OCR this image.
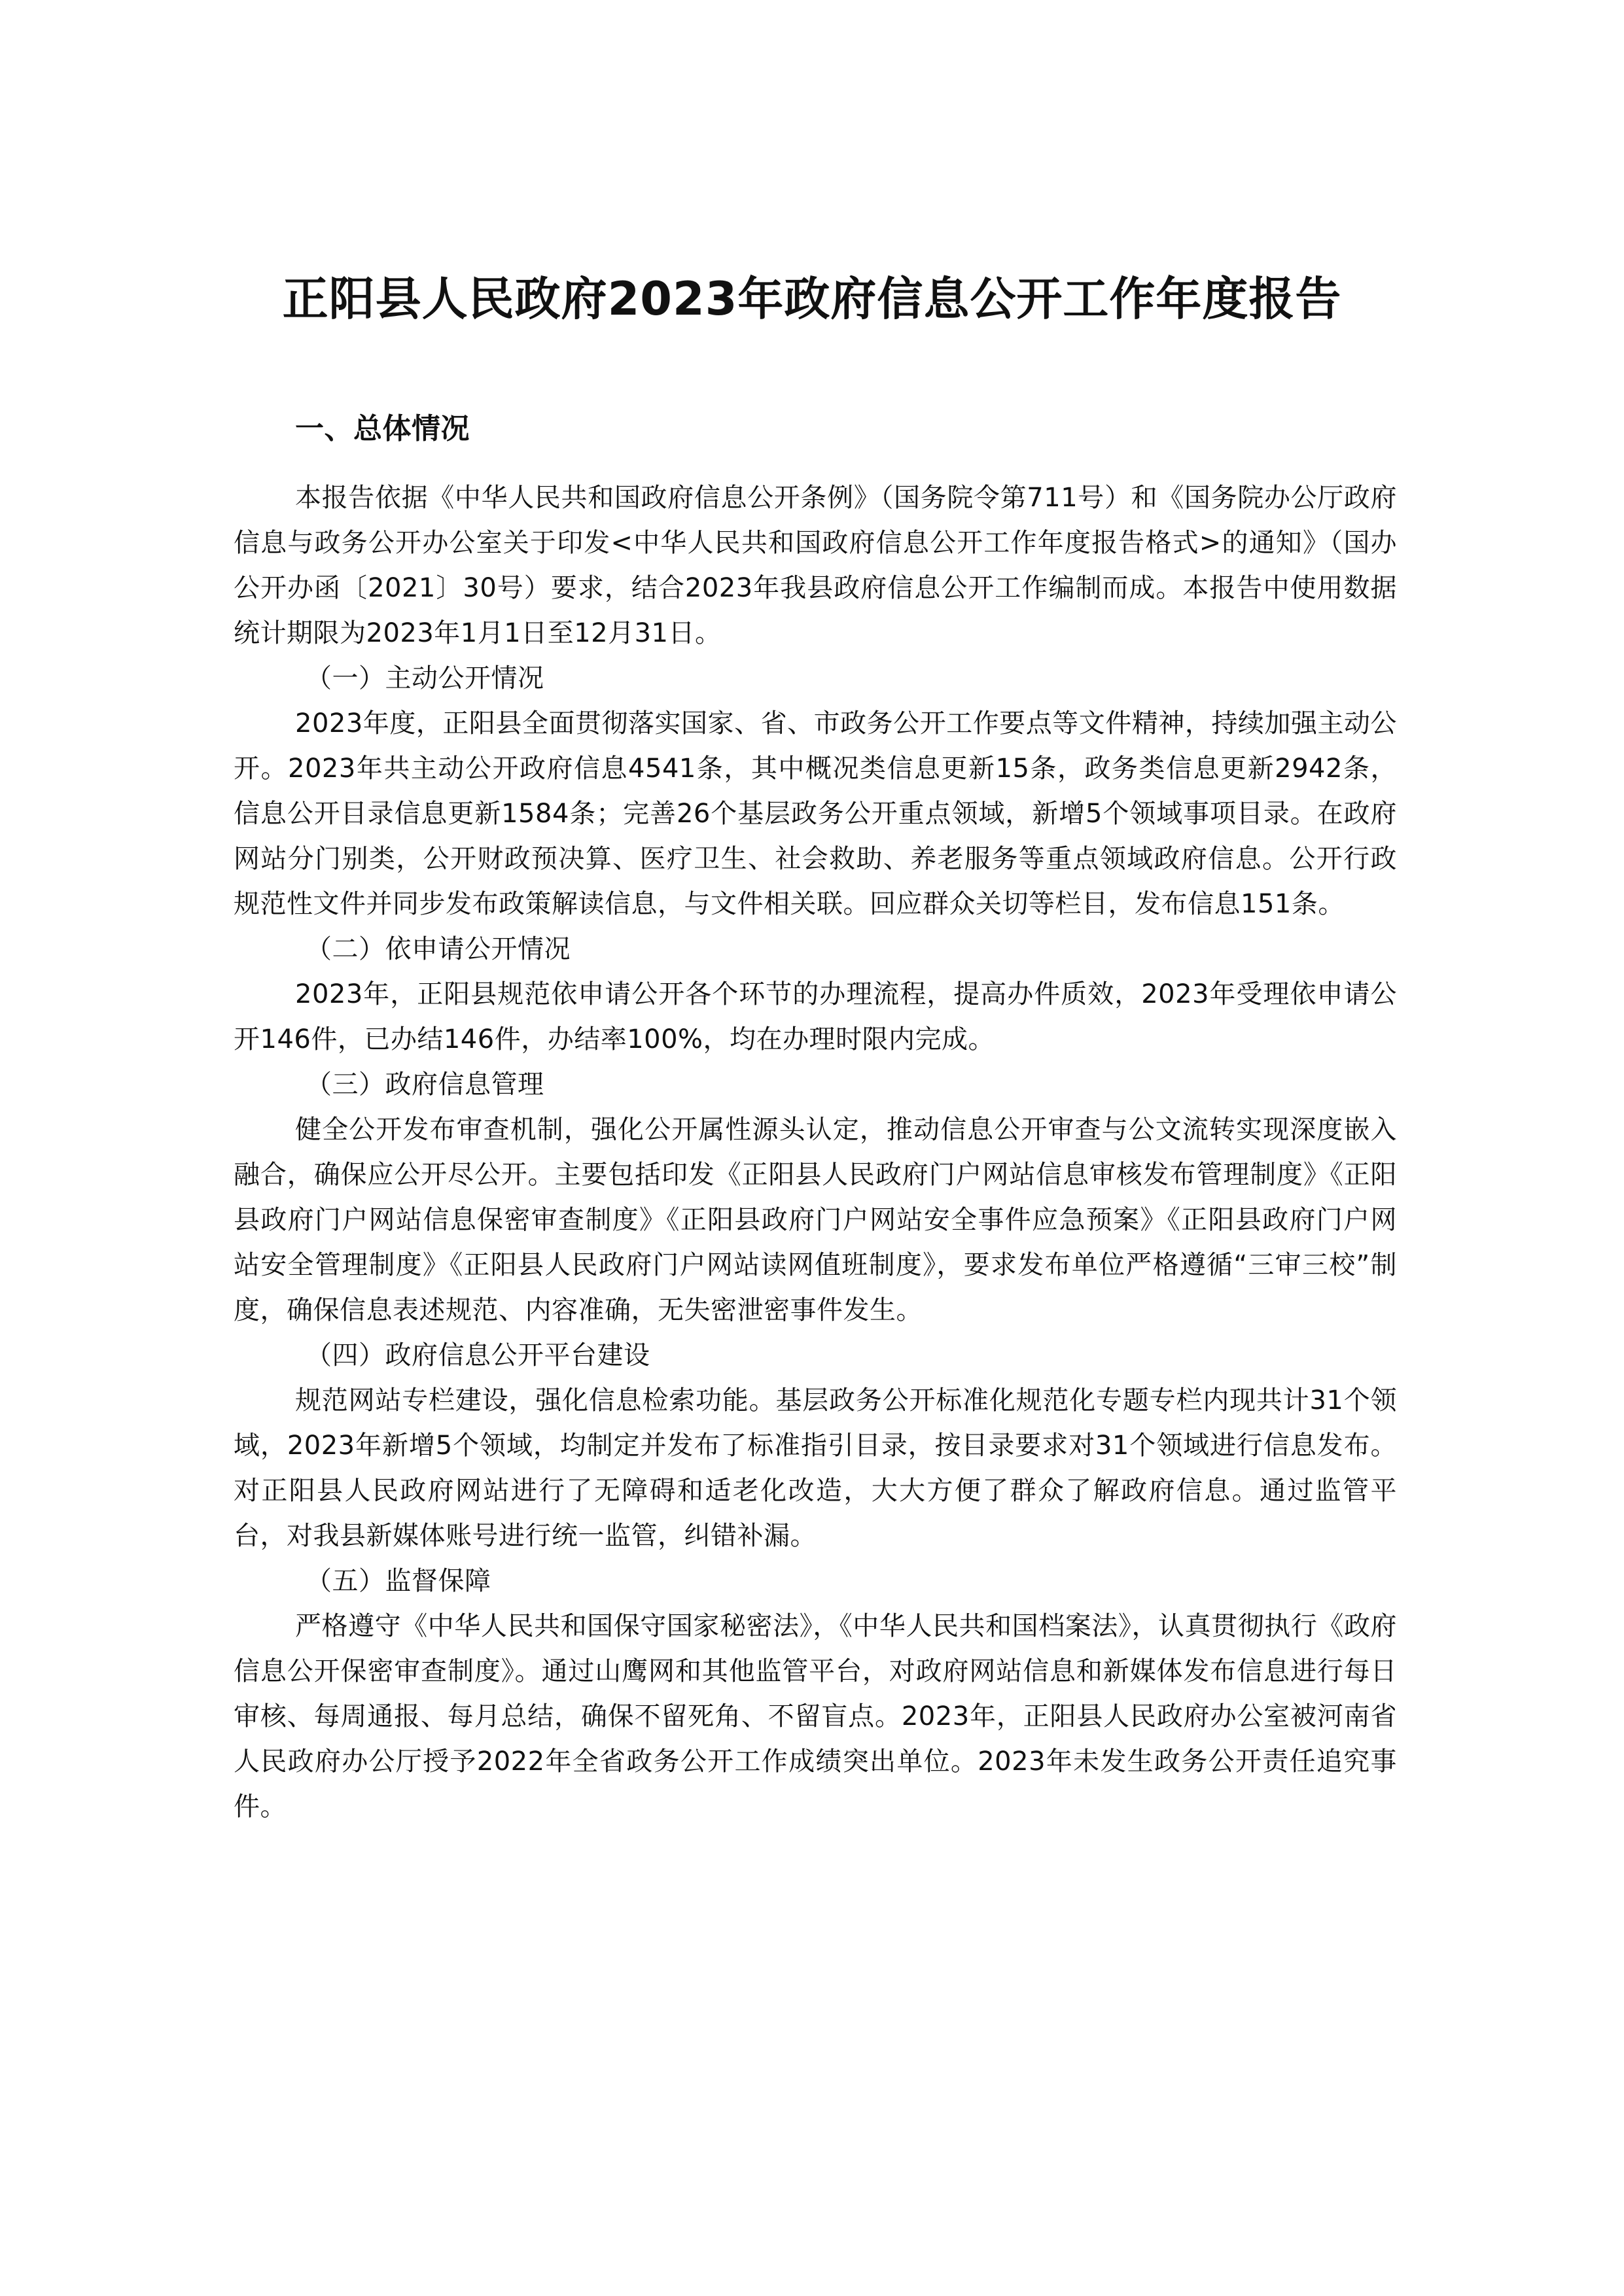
正阳县人民政府2023年政府信息公开工作年度报告
一、总体情况

本报告依据《中华人民共和国政府信息公开条例》（国务院令第711号）和《国务院办公厅政府信息与政务公开办公室关于印发<中华人民共和国政府信息公开工作年度报告格式>的通知》（国办公开办函〔2021〕30号）要求，结合2023年我县政府信息公开工作编制而成。本报告中使用数据统计期限为2023年1月1日至12月31日。

（一）主动公开情况

2023年度，正阳县全面贯彻落实国家、省、市政务公开工作要点等文件精神，持续加强主动公开。2023年共主动公开政府信息4541条，其中概况类信息更新15条，政务类信息更新2942条，信息公开目录信息更新1584条；完善26个基层政务公开重点领域，新增5个领域事项目录。在政府网站分门别类，公开财政预决算、医疗卫生、社会救助、养老服务等重点领域政府信息。公开行政规范性文件并同步发布政策解读信息，与文件相关联。回应群众关切等栏目，发布信息151条。

（二）依申请公开情况

2023年，正阳县规范依申请公开各个环节的办理流程，提高办件质效，2023年受理依申请公开146件，已办结146件，办结率100%，均在办理时限内完成。

（三）政府信息管理

健全公开发布审查机制，强化公开属性源头认定，推动信息公开审查与公文流转实现深度嵌入融合，确保应公开尽公开。主要包括印发《正阳县人民政府门户网站信息审核发布管理制度》《正阳县政府门户网站信息保密审查制度》《正阳县政府门户网站安全事件应急预案》《正阳县政府门户网站安全管理制度》《正阳县人民政府门户网站读网值班制度》，要求发布单位严格遵循“三审三校”制度，确保信息表述规范、内容准确，无失密泄密事件发生。

（四）政府信息公开平台建设

规范网站专栏建设，强化信息检索功能。基层政务公开标准化规范化专题专栏内现共计31个领域，2023年新增5个领域，均制定并发布了标准指引目录，按目录要求对31个领域进行信息发布。对正阳县人民政府网站进行了无障碍和适老化改造，大大方便了群众了解政府信息。通过监管平台，对我县新媒体账号进行统一监管，纠错补漏。

（五）监督保障

严格遵守《中华人民共和国保守国家秘密法》，《中华人民共和国档案法》，认真贯彻执行《政府信息公开保密审查制度》。通过山鹰网和其他监管平台，对政府网站信息和新媒体发布信息进行每日审核、每周通报、每月总结，确保不留死角、不留盲点。2023年，正阳县人民政府办公室被河南省人民政府办公厅授予2022年全省政务公开工作成绩突出单位。2023年未发生政务公开责任追究事件。
